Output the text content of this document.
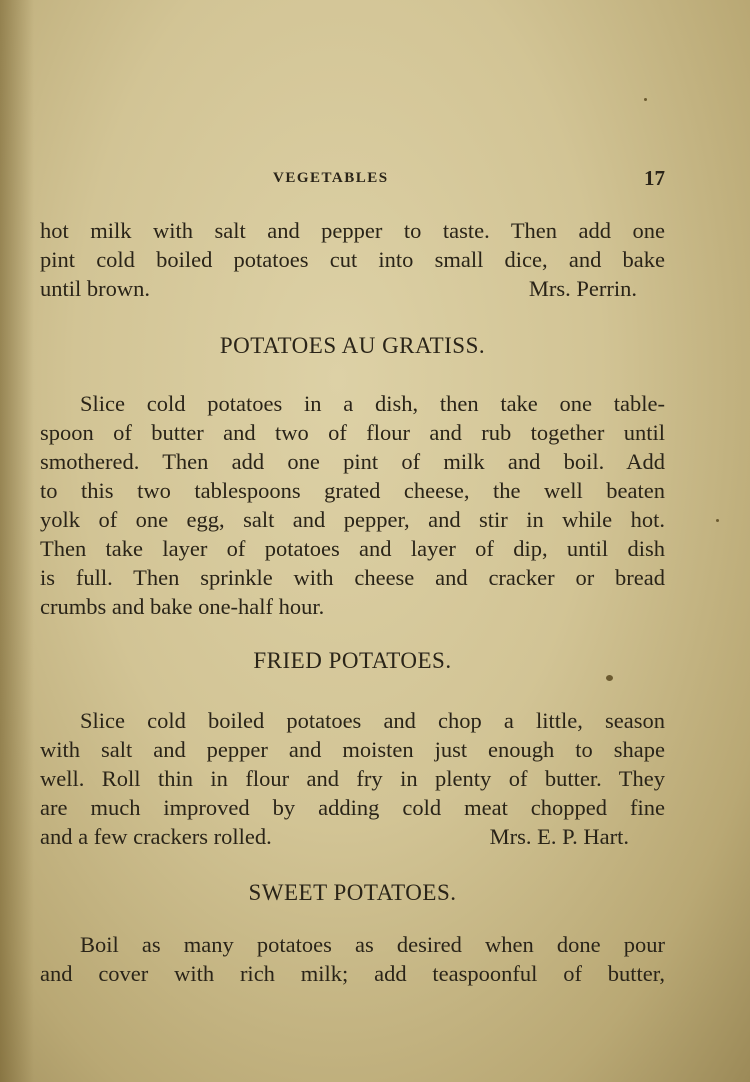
VEGETABLES	17
hot milk with salt and pepper to taste. Then add one
pint cold boiled potatoes cut into small dice, and bake
until brown.	Mrs. Perrin.
POTATOES AU GRATISS.
Slice cold potatoes in a dish, then take one table-
spoon of butter and two of flour and rub together until
smothered. Then add one pint of milk and boil. Add
to this two tablespoons grated cheese, the well beaten
yolk of one egg, salt and pepper, and stir in while hot.
Then take layer of potatoes and layer of dip, until dish
is full. Then sprinkle with cheese and cracker or bread
crumbs and bake one-half hour.
FRIED POTATOES.
Slice cold boiled potatoes and chop a little, season
with salt and pepper and moisten just enough to shape
well. Roll thin in flour and fry in plenty of butter. They
are much improved by adding cold meat chopped fine
and a few crackers rolled.	Mrs. E. P. Hart.
SWEET POTATOES.
Boil as many potatoes as desired when done pour
and cover with rich milk; add teaspoonful of butter,
